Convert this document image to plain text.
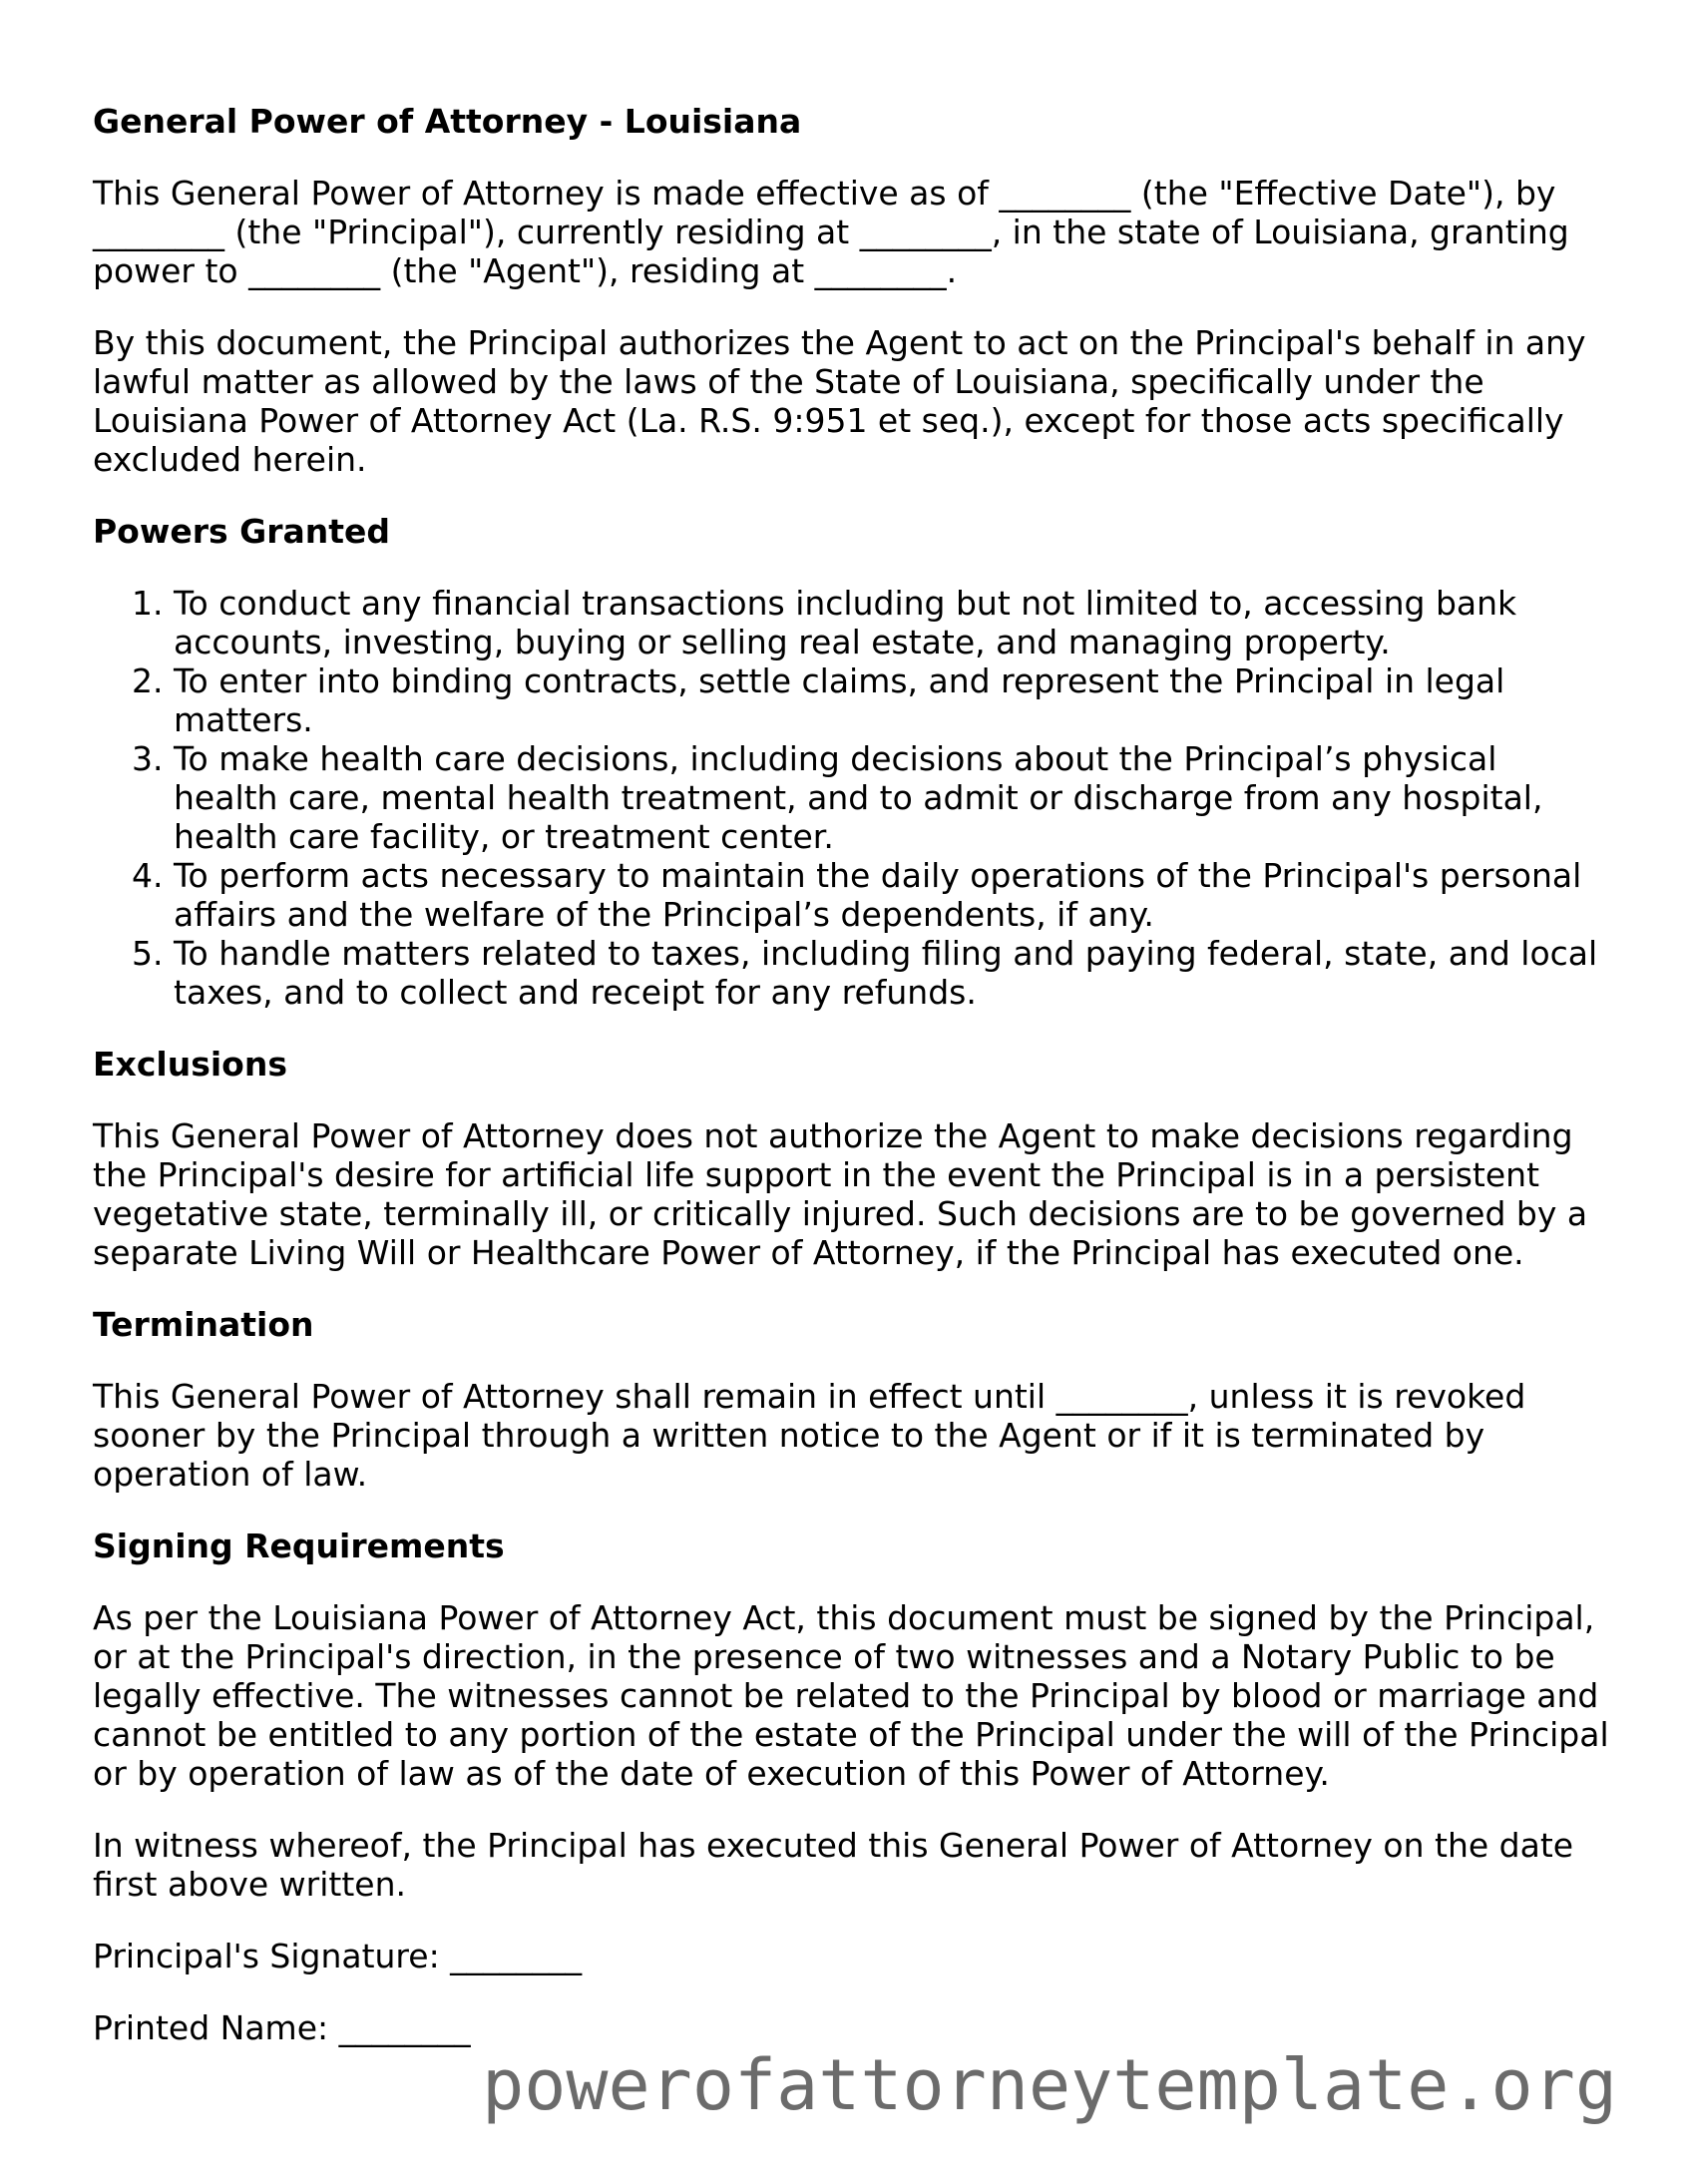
General Power of Attorney - Louisiana

This General Power of Attorney is made effective as of ________ (the "Effective Date"), by ________ (the "Principal"), currently residing at ________, in the state of Louisiana, granting power to ________ (the "Agent"), residing at ________.

By this document, the Principal authorizes the Agent to act on the Principal's behalf in any lawful matter as allowed by the laws of the State of Louisiana, specifically under the Louisiana Power of Attorney Act (La. R.S. 9:951 et seq.), except for those acts specifically excluded herein.

Powers Granted
1. To conduct any financial transactions including but not limited to, accessing bank accounts, investing, buying or selling real estate, and managing property.
2. To enter into binding contracts, settle claims, and represent the Principal in legal matters.
3. To make health care decisions, including decisions about the Principal’s physical health care, mental health treatment, and to admit or discharge from any hospital, health care facility, or treatment center.
4. To perform acts necessary to maintain the daily operations of the Principal's personal affairs and the welfare of the Principal’s dependents, if any.
5. To handle matters related to taxes, including filing and paying federal, state, and local taxes, and to collect and receipt for any refunds.
Exclusions

This General Power of Attorney does not authorize the Agent to make decisions regarding the Principal's desire for artificial life support in the event the Principal is in a persistent vegetative state, terminally ill, or critically injured. Such decisions are to be governed by a separate Living Will or Healthcare Power of Attorney, if the Principal has executed one.

Termination

This General Power of Attorney shall remain in effect until ________, unless it is revoked sooner by the Principal through a written notice to the Agent or if it is terminated by operation of law.

Signing Requirements

As per the Louisiana Power of Attorney Act, this document must be signed by the Principal, or at the Principal's direction, in the presence of two witnesses and a Notary Public to be legally effective. The witnesses cannot be related to the Principal by blood or marriage and cannot be entitled to any portion of the estate of the Principal under the will of the Principal or by operation of law as of the date of execution of this Power of Attorney.

In witness whereof, the Principal has executed this General Power of Attorney on the date first above written.

Principal's Signature: ________

Printed Name: ________

powerofattorneytemplate.org
